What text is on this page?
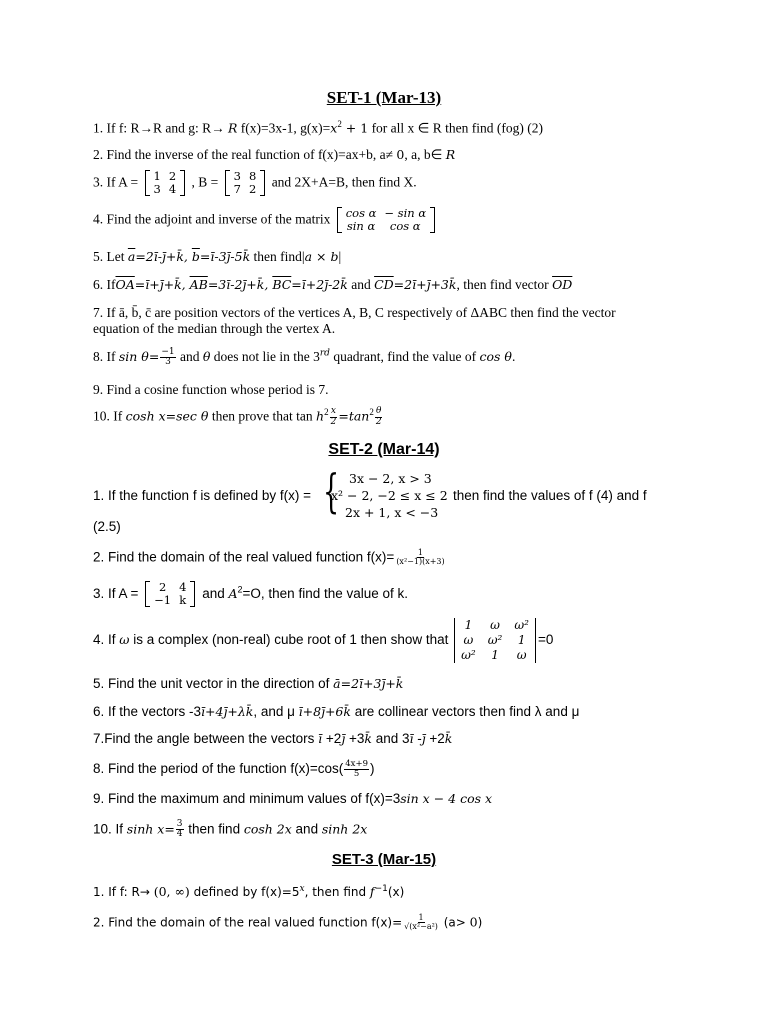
SET-1 (Mar-13)
1. If f: R→R and g: R→ R f(x)=3x-1, $g(x)=x^2 + 1$ for all x ∈ R then find (fog) (2)
2. Find the inverse of the real function of f(x)=ax+b, a≠ 0, a, b∈ R
3. If A = 1	2
3	4 , B = 3	8
7	2 and 2X+A=B, then find X.
4. Find the adjoint and inverse of the matrix cos α	− sin α
sin α	cos α
5. Let $\overline{a}=2ī-j̄+k̄$, $\overline{b}=ī-3j̄-5k̄$ then find|a × b|
6. $If\overline{OA}=ī+j̄+k̄$, $\overline{AB}=3ī-2j̄+k̄$, $\overline{BC}=ī+2j̄-2k̄$ and $\overline{CD}=2ī+j̄+3k̄$, then find vector $\overline{OD}$
7. If ā, b̄, c̄ are position vectors of the vertices A, B, C respectively of ΔABC then find the vector
equation of the median through the vertex A.
8. If $\sin \theta= \frac{-1}{3}$ and θ does not lie in the 3rd quadrant, find the value of cos θ.
9. Find a cosine function whose period is 7.
10. If cosh x=sec θ then prove that $\tan h^2 \frac{x}{2} =\tan^2 \frac{\theta}{2}$
SET-2 (Mar-14)
{ 3x − 2, x > 3
x² − 2, −2 ≤ x ≤ 2
2x + 1, x < −3
1. If the function f is defined by f(x) =	then find the values of f (4) and f
(2.5)
2. Find the domain of the real valued function $f(x)= \frac{1}{\text{(x²−1)(x+3)}}$
3. If A = 2	4
−1	k and $A^2=O$, then find the value of k.
4. If ω is a complex (non-real) cube root of 1 then show that
1	ω	ω²
ω	ω²	1
ω²	1	ω
=0
5. Find the unit vector in the direction of ā=2ī+3j̄+k̄
6. If the vectors -3ī+4j̄+λk̄, and μ ī+8j̄+6k̄ are collinear vectors then find λ and μ
7.Find the angle between the vectors ī +2j̄ +3k̄ and 3ī -j̄ +2k̄
8. Find the period of the function $f(x)=\cos( \frac{4x+9}{5}$ )
9. Find the maximum and minimum values of f(x)=3sin x − 4 cos x
10. If $\sinh x= \frac{3}{4}$ then find cosh 2x and sinh 2x
SET-3 (Mar-15)
1. If f: R→ (0, ∞) defined by $f(x)=5^x$, then find $f^{-1}(x)$
2. Find the domain of the real valued function $f(x)= \frac{1}{\text{√(x²−a²)}} (a> 0)$
